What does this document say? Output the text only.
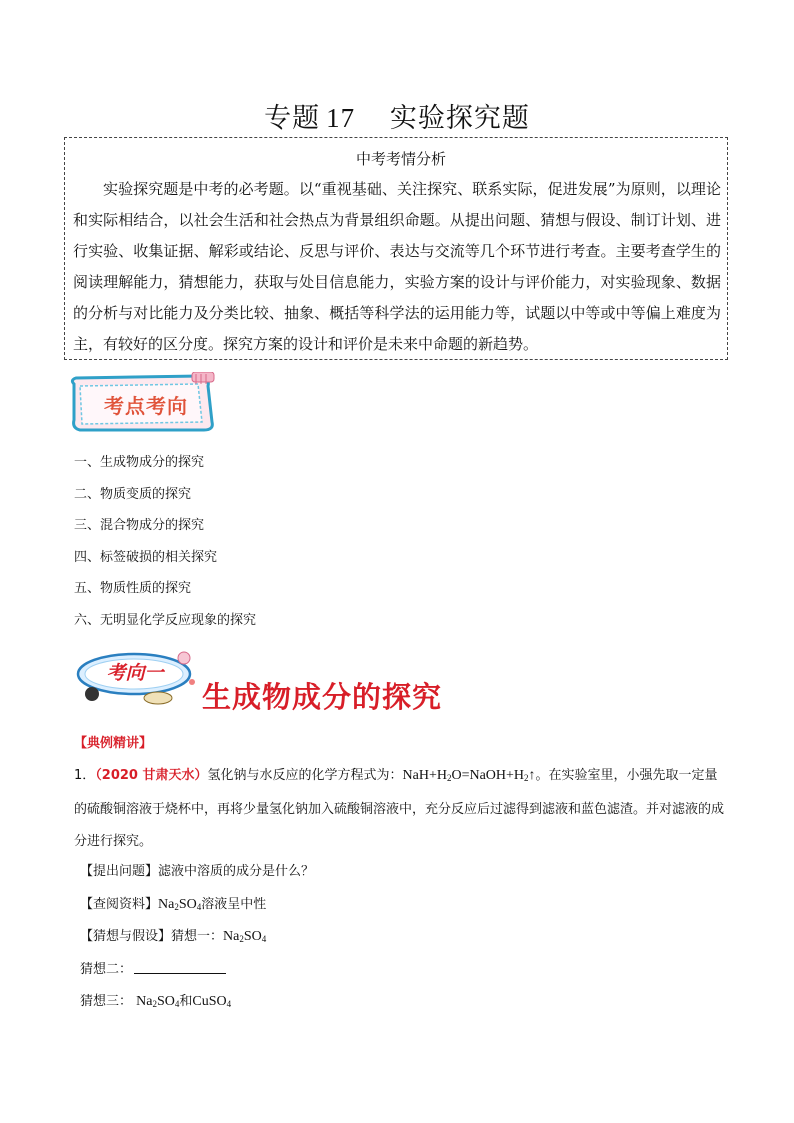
专题 17 实验探究题
中考考情分析
实验探究题是中考的必考题。以“重视基础、关注探究、联系实际，促进发展”为原则，以理论和实际相结合，以社会生活和社会热点为背景组织命题。从提出问题、猜想与假设、制订计划、进行实验、收集证据、解彩或结论、反思与评价、表达与交流等几个环节进行考查。主要考查学生的阅读理解能力，猜想能力，获取与处目信息能力，实验方案的设计与评价能力，对实验现象、数据的分析与对比能力及分类比较、抽象、概括等科学法的运用能力等，试题以中等或中等偏上难度为主，有较好的区分度。探究方案的设计和评价是未来中命题的新趋势。
考点考向
一、生成物成分的探究
二、物质变质的探究
三、混合物成分的探究
四、标签破损的相关探究
五、物质性质的探究
六、无明显化学反应现象的探究
考向一
生成物成分的探究
【典例精讲】
1．（2020 甘肃天水）氢化钠与水反应的化学方程式为：$NaH+H_2O=NaOH+H_2↑$。在实验室里，小强先取一定量的硫酸铜溶液于烧杯中，再将少量氢化钠加入硫酸铜溶液中，充分反应后过滤得到滤液和蓝色滤渣。并对滤液的成分进行探究。
【提出问题】滤液中溶质的成分是什么？
【查阅资料】$Na_2SO_4$溶液呈中性
【猜想与假设】猜想一：$Na_2SO_4$
猜想二：
猜想三： $Na_2SO_4$和CuSO$_4$
